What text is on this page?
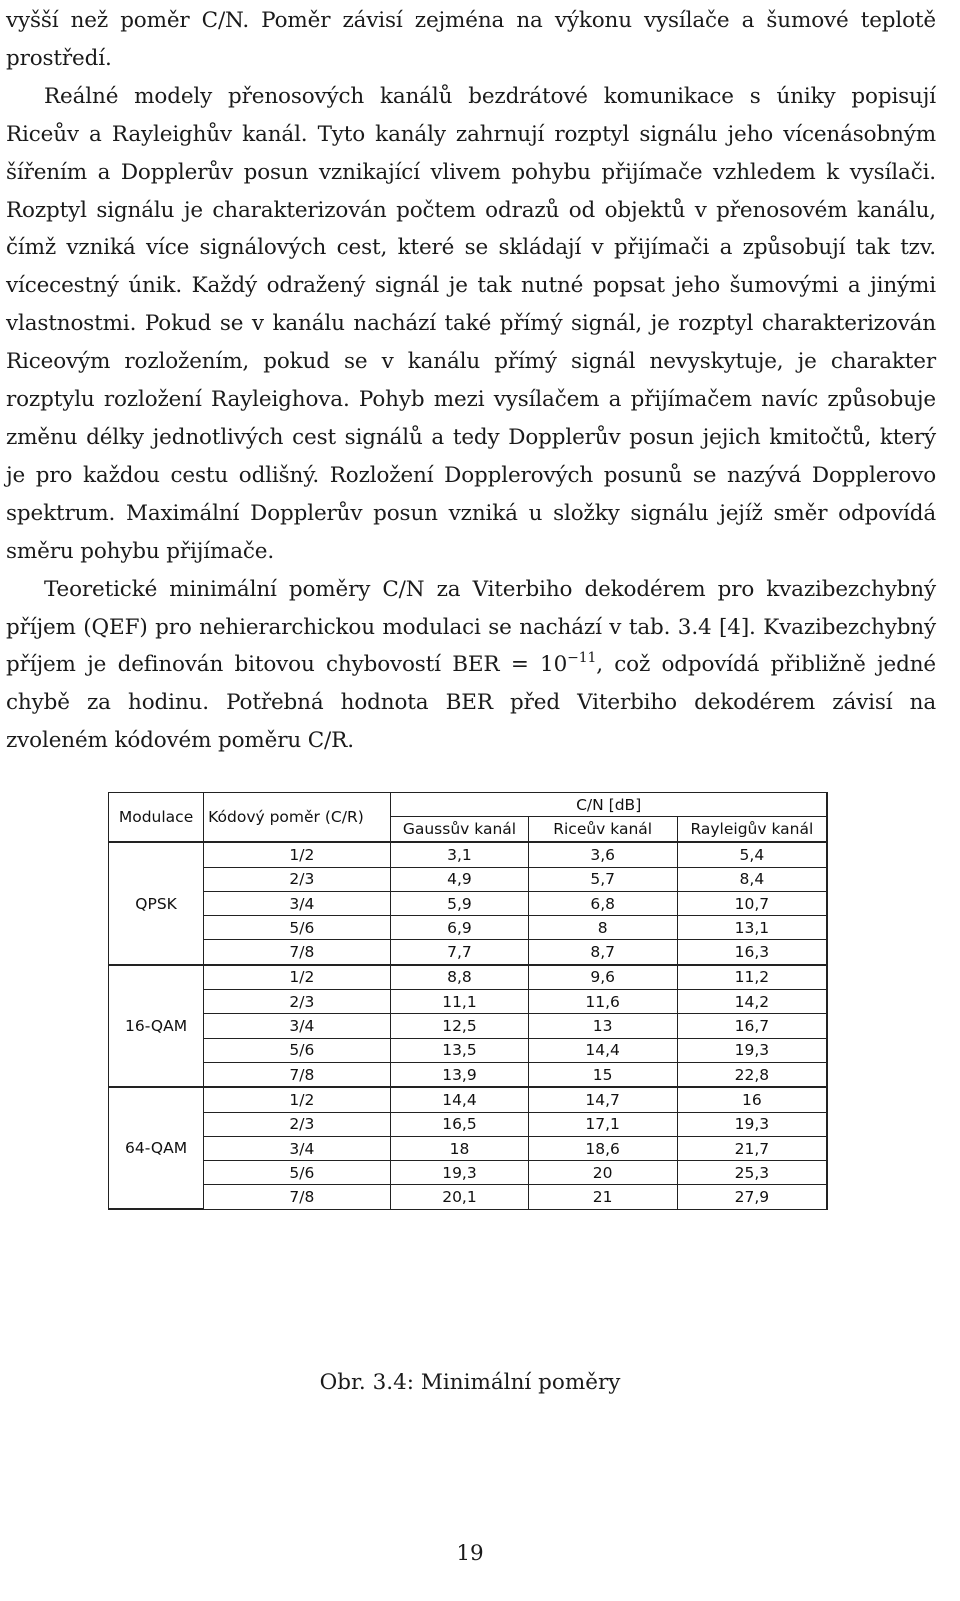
vyšší než poměr C/N. Poměr závisí zejména na výkonu vysílače a šumové teplotě prostředí.

Reálné modely přenosových kanálů bezdrátové komunikace s úniky popisují Riceův a Rayleighův kanál. Tyto kanály zahrnují rozptyl signálu jeho vícenásobným šířením a Dopplerův posun vznikající vlivem pohybu přijímače vzhledem k vysílači. Rozptyl signálu je charakterizován počtem odrazů od objektů v přenosovém kanálu, čímž vzniká více signálových cest, které se skládají v přijímači a způsobují tak tzv. vícecestný únik. Každý odražený signál je tak nutné popsat jeho šumovými a jinými vlastnostmi. Pokud se v kanálu nachází také přímý signál, je rozptyl charakterizován Riceovým rozložením, pokud se v kanálu přímý signál nevyskytuje, je charakter rozptylu rozložení Rayleighova. Pohyb mezi vysílačem a přijímačem navíc způsobuje změnu délky jednotlivých cest signálů a tedy Dopplerův posun jejich kmitočtů, který je pro každou cestu odlišný. Rozložení Dopplerových posunů se nazývá Dopplerovo spektrum. Maximální Dopplerův posun vzniká u složky signálu jejíž směr odpovídá směru pohybu přijímače.

Teoretické minimální poměry C/N za Viterbiho dekodérem pro kvazibezchybný příjem (QEF) pro nehierarchickou modulaci se nachází v tab. 3.4 [4]. Kvazibezchybný příjem je definován bitovou chybovostí BER = $10^{-11}$, což odpovídá přibližně jedné chybě za hodinu. Potřebná hodnota BER před Viterbiho dekodérem závisí na zvoleném kódovém poměru C/R.

Modulace	Kódový poměr (C/R)	C/N [dB]		
		Gaussův kanál	Riceův kanál	Rayleigův kanál
QPSK	1/2	3,1	3,6	5,4
	2/3	4,9	5,7	8,4
	3/4	5,9	6,8	10,7
	5/6	6,9	8	13,1
	7/8	7,7	8,7	16,3
16-QAM	1/2	8,8	9,6	11,2
	2/3	11,1	11,6	14,2
	3/4	12,5	13	16,7
	5/6	13,5	14,4	19,3
	7/8	13,9	15	22,8
64-QAM	1/2	14,4	14,7	16
	2/3	16,5	17,1	19,3
	3/4	18	18,6	21,7
	5/6	19,3	20	25,3
	7/8	20,1	21	27,9
Obr. 3.4: Minimální poměry
19
